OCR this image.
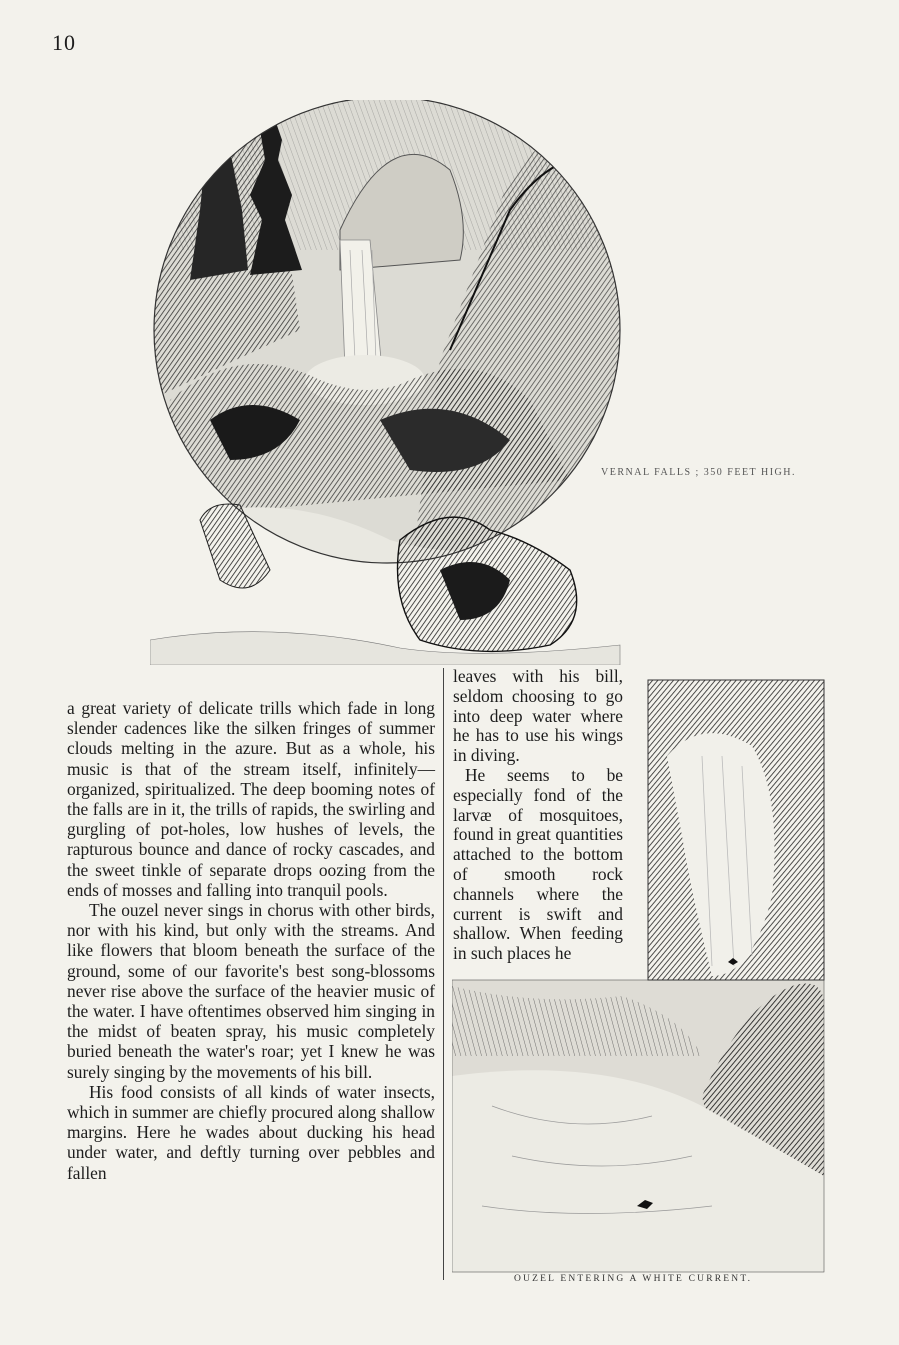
10
VERNAL FALLS ; 350 FEET HIGH.

a great variety of delicate trills which fade in long slender cadences like the silken fringes of summer clouds melting in the azure. But as a whole, his music is that of the stream itself, infinitely—organized, spiritualized. The deep booming notes of the falls are in it, the trills of rapids, the swirling and gurgling of pot-holes, low hushes of levels, the rapturous bounce and dance of rocky cascades, and the sweet tinkle of separate drops oozing from the ends of mosses and falling into tranquil pools.

The ouzel never sings in chorus with other birds, nor with his kind, but only with the streams. And like flowers that bloom beneath the surface of the ground, some of our favorite's best song-blossoms never rise above the surface of the heavier music of the water. I have oftentimes observed him singing in the midst of beaten spray, his music completely buried beneath the water's roar; yet I knew he was surely singing by the movements of his bill.

His food consists of all kinds of water insects, which in summer are chiefly procured along shallow margins. Here he wades about ducking his head under water, and deftly turning over pebbles and fallen

leaves with his bill, seldom choosing to go into deep water where he has to use his wings in diving.

He seems to be especially fond of the larvæ of mosquitoes, found in great quantities attached to the bottom of smooth rock channels where the current is swift and shallow. When feeding in such places he

OUZEL ENTERING A WHITE CURRENT.
